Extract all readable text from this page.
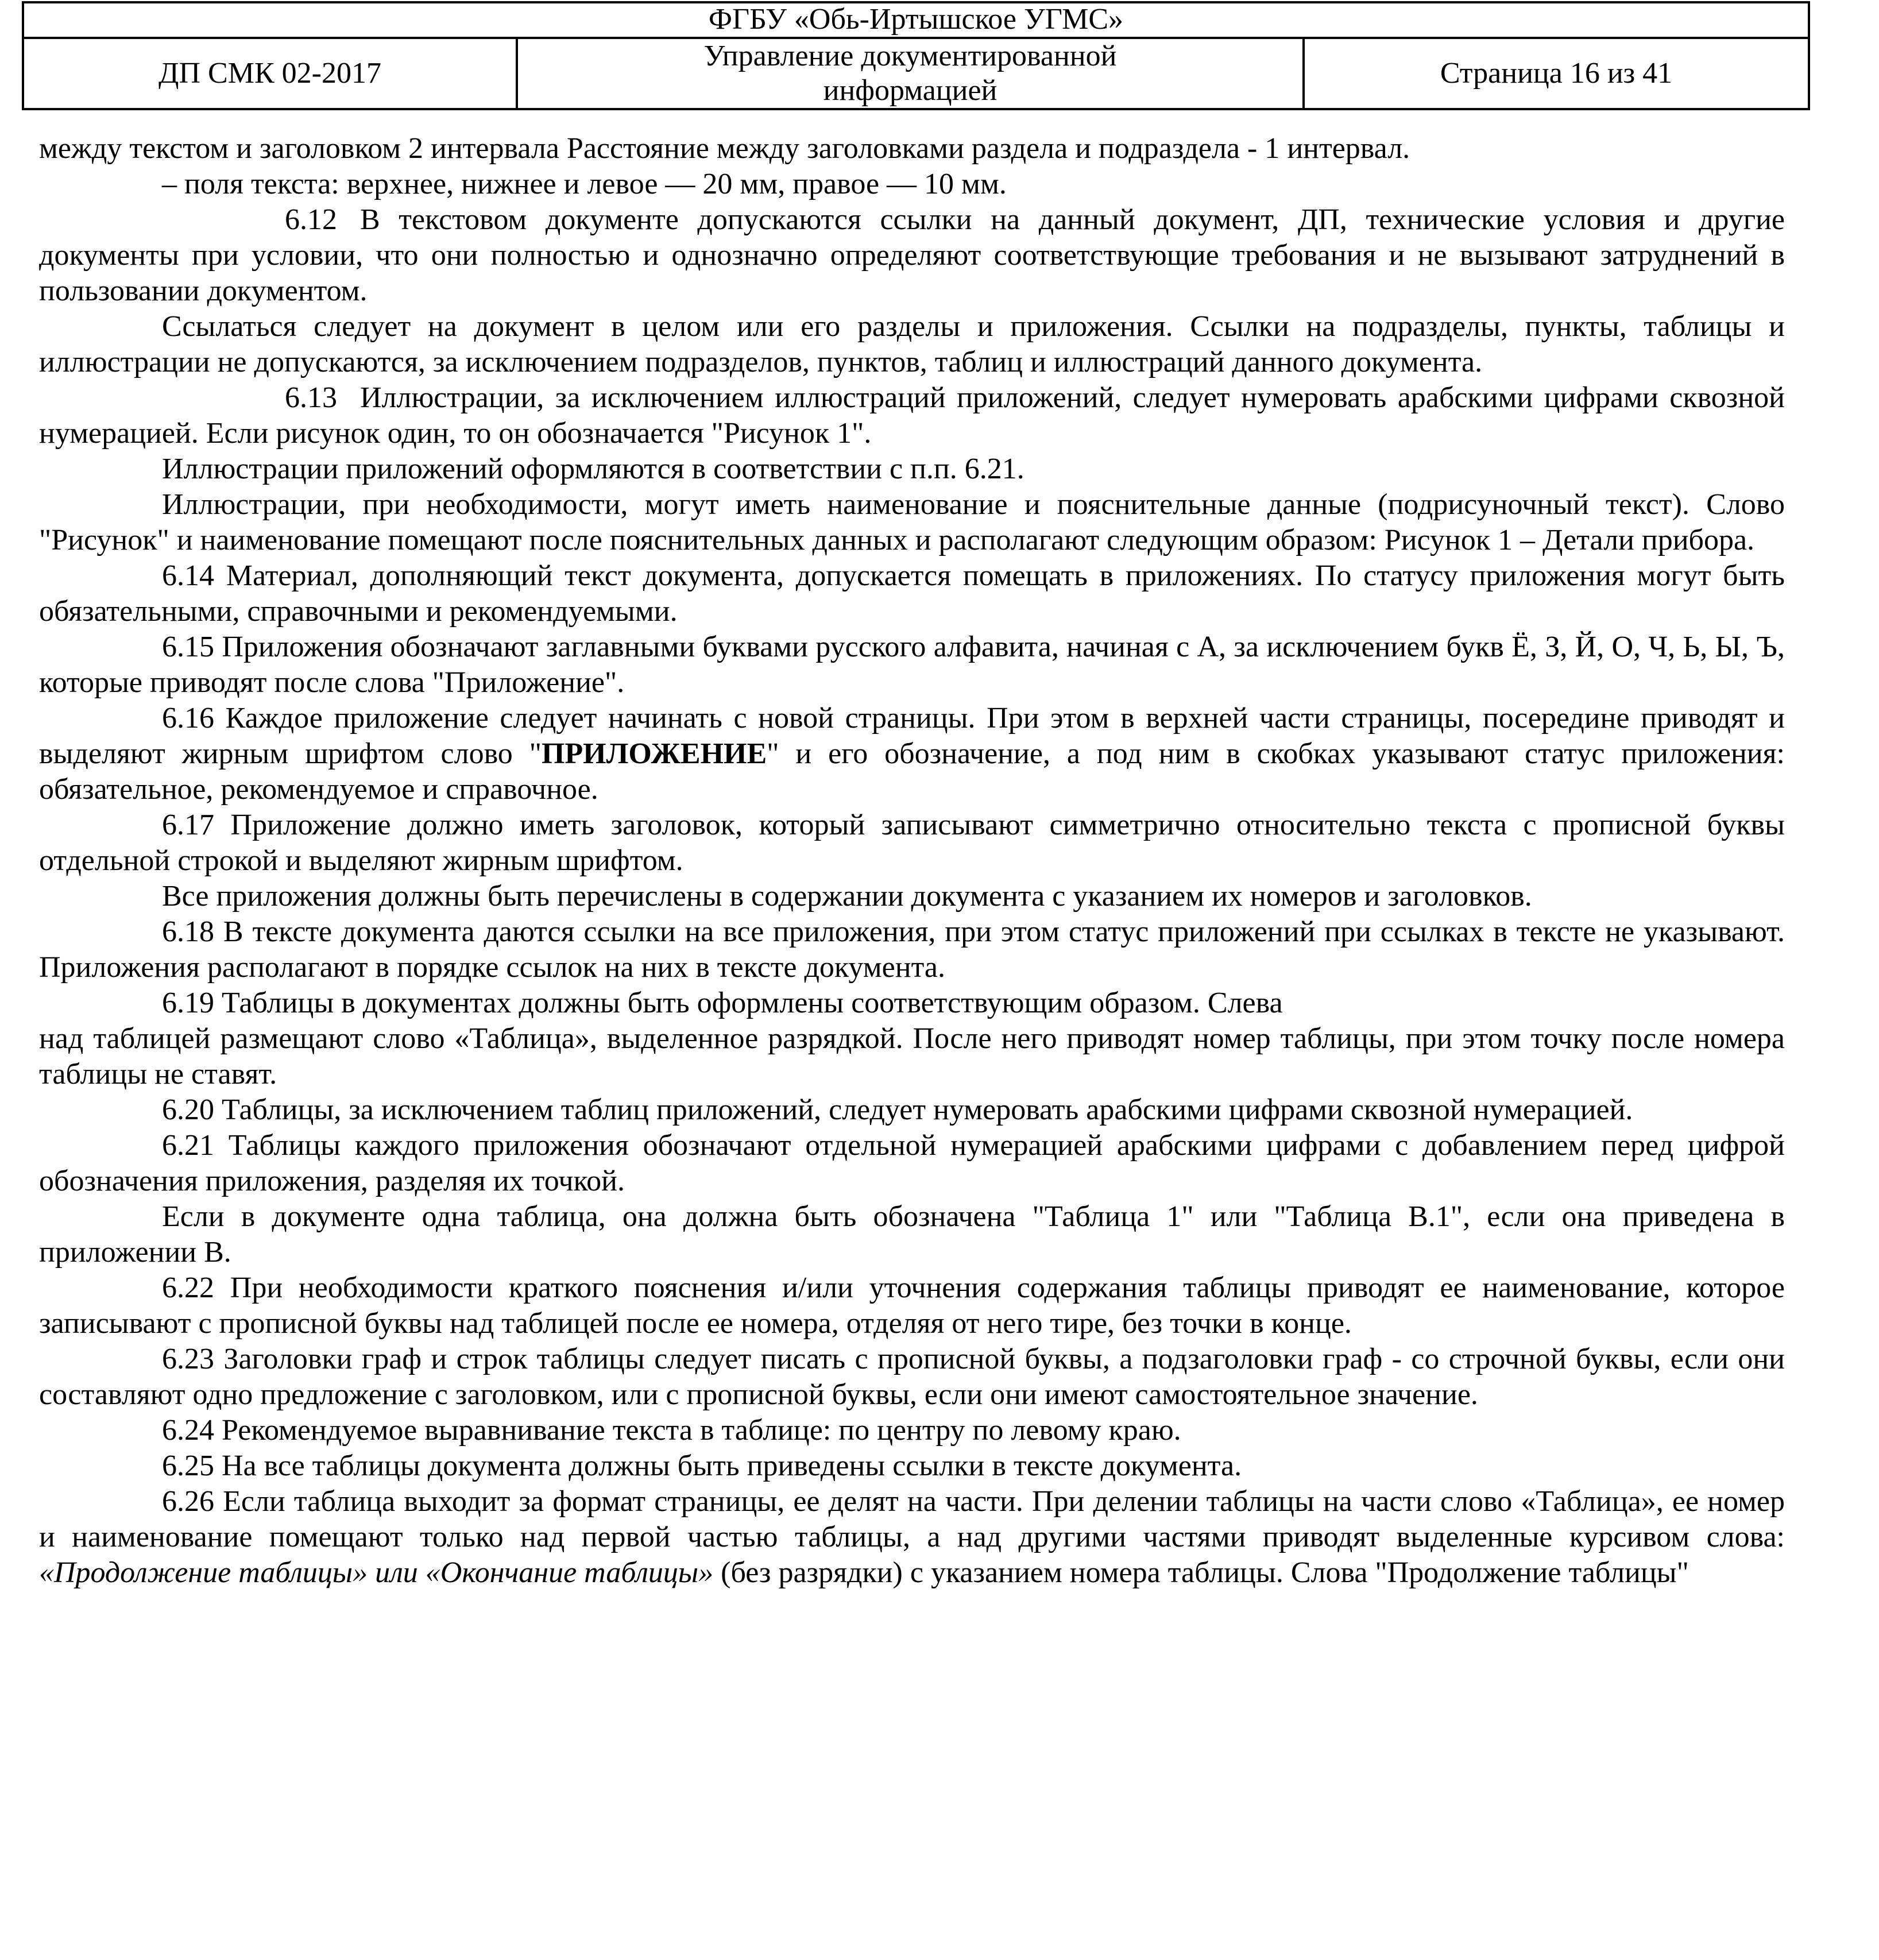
ФГБУ «Обь-Иртышское УГМС»
ДП СМК 02-2017
Управление документированной
информацией
Страница 16 из 41

между текстом и заголовком 2 интервала Расстояние между заголовками раздела и подраздела - 1 интервал.

– поля текста: верхнее, нижнее и левое — 20 мм, правое — 10 мм.

6.12 В текстовом документе допускаются ссылки на данный документ, ДП, технические условия и другие документы при условии, что они полностью и однозначно определяют соответствующие требования и не вызывают затруднений в пользовании документом.

Ссылаться следует на документ в целом или его разделы и приложения. Ссылки на подразделы, пункты, таблицы и иллюстрации не допускаются, за исключением подразделов, пунктов, таблиц и иллюстраций данного документа.

6.13 Иллюстрации, за исключением иллюстраций приложений, следует нумеровать арабскими цифрами сквозной нумерацией. Если рисунок один, то он обозначается "Рисунок 1".

Иллюстрации приложений оформляются в соответствии с п.п. 6.21.

Иллюстрации, при необходимости, могут иметь наименование и пояснительные данные (подрисуночный текст). Слово "Рисунок" и наименование помещают после пояснительных данных и располагают следующим образом: Рисунок 1 – Детали прибора.

6.14 Материал, дополняющий текст документа, допускается помещать в приложениях. По статусу приложения могут быть обязательными, справочными и рекомендуемыми.

6.15 Приложения обозначают заглавными буквами русского алфавита, начиная с А, за исключением букв Ё, З, Й, О, Ч, Ь, Ы, Ъ, которые приводят после слова "Приложение".

6.16 Каждое приложение следует начинать с новой страницы. При этом в верхней части страницы, посередине приводят и выделяют жирным шрифтом слово "ПРИЛОЖЕНИЕ" и его обозначение, а под ним в скобках указывают статус приложения: обязательное, рекомендуемое и справочное.

6.17 Приложение должно иметь заголовок, который записывают симметрично относительно текста с прописной буквы отдельной строкой и выделяют жирным шрифтом.

Все приложения должны быть перечислены в содержании документа с указанием их номеров и заголовков.

6.18 В тексте документа даются ссылки на все приложения, при этом статус приложений при ссылках в тексте не указывают. Приложения располагают в порядке ссылок на них в тексте документа.

6.19 Таблицы в документах должны быть оформлены соответствующим образом. Слева

над таблицей размещают слово «Таблица», выделенное разрядкой. После него приводят номер таблицы, при этом точку после номера таблицы не ставят.

6.20 Таблицы, за исключением таблиц приложений, следует нумеровать арабскими цифрами сквозной нумерацией.

6.21 Таблицы каждого приложения обозначают отдельной нумерацией арабскими цифрами с добавлением перед цифрой обозначения приложения, разделяя их точкой.

Если в документе одна таблица, она должна быть обозначена "Таблица 1" или "Таблица В.1", если она приведена в приложении В.

6.22 При необходимости краткого пояснения и/или уточнения содержания таблицы приводят ее наименование, которое записывают с прописной буквы над таблицей после ее номера, отделяя от него тире, без точки в конце.

6.23 Заголовки граф и строк таблицы следует писать с прописной буквы, а подзаголовки граф - со строчной буквы, если они составляют одно предложение с заголовком, или с прописной буквы, если они имеют самостоятельное значение.

6.24 Рекомендуемое выравнивание текста в таблице: по центру по левому краю.

6.25 На все таблицы документа должны быть приведены ссылки в тексте документа.

6.26 Если таблица выходит за формат страницы, ее делят на части. При делении таблицы на части слово «Таблица», ее номер и наименование помещают только над первой частью таблицы, а над другими частями приводят выделенные курсивом слова: «Продолжение таблицы» или «Окончание таблицы» (без разрядки) с указанием номера таблицы. Слова "Продолжение таблицы"
